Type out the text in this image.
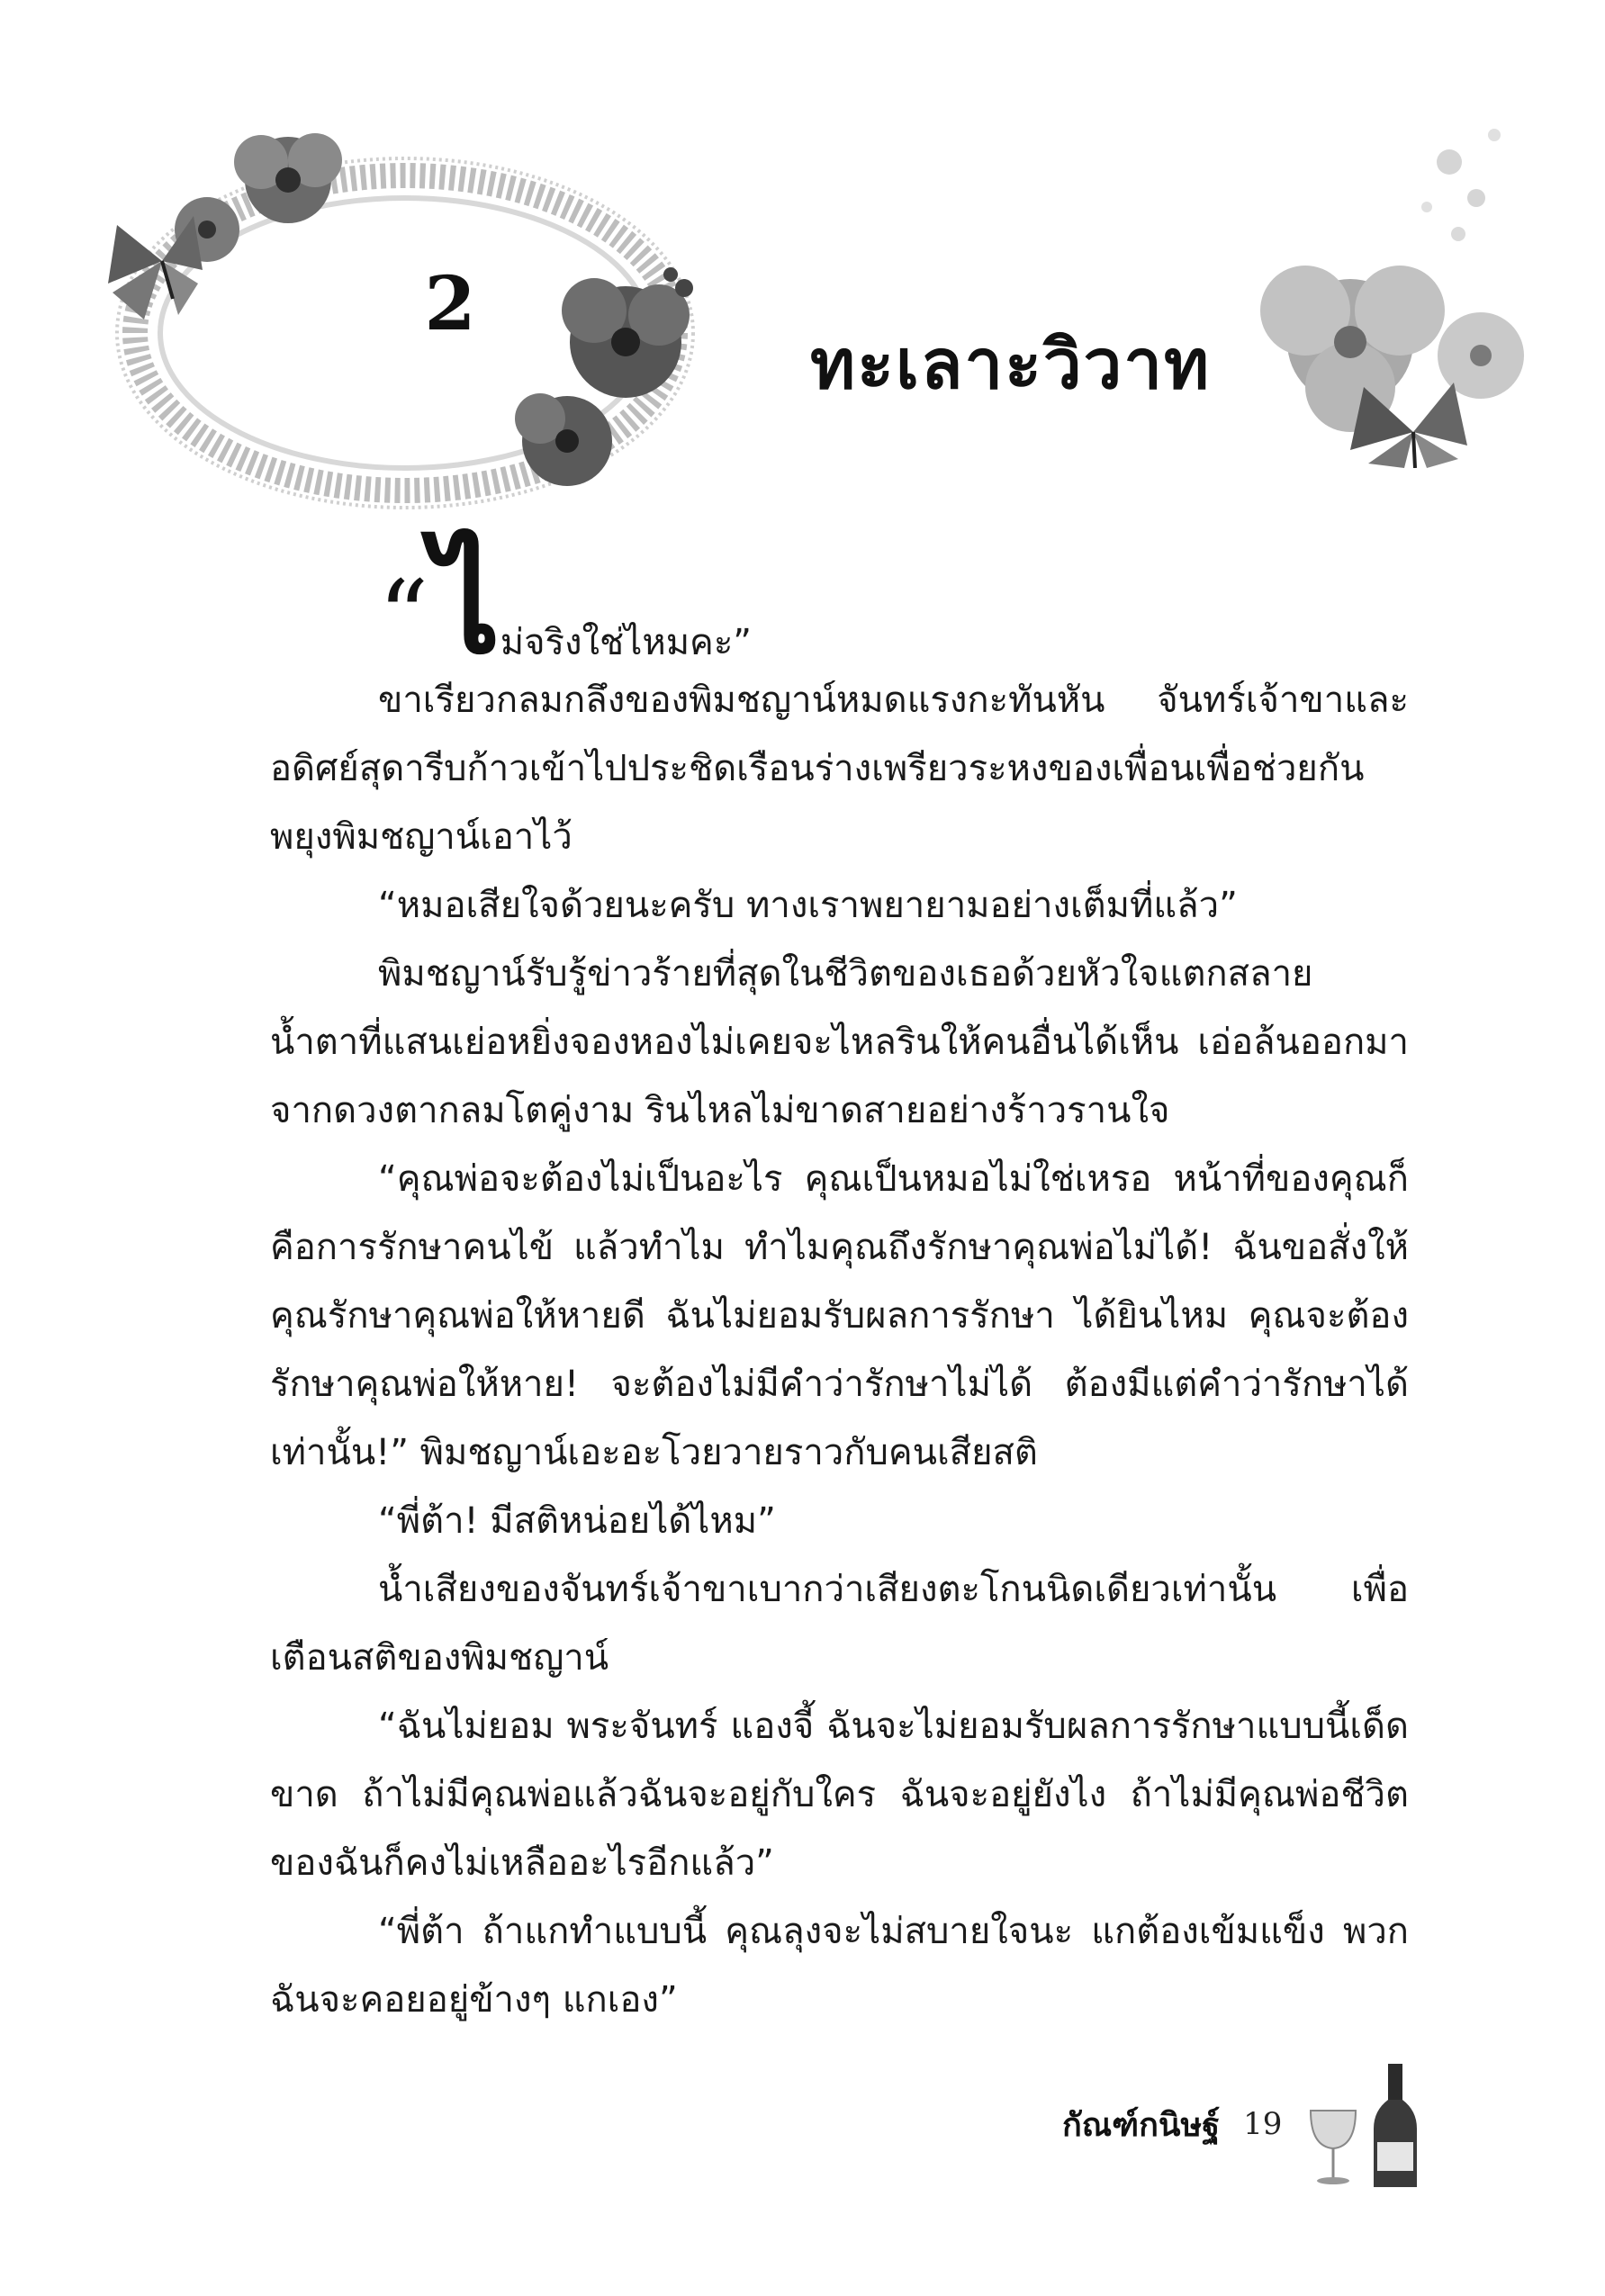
2
ทะเลาะวิวาท
“ ไ ม่จริงใช่ไหมคะ”

ขาเรียวกลมกลึงของพิมชญาน์หมดแรงกะทันหัน จันทร์เจ้าขาและอดิศย์สุดารีบก้าวเข้าไปประชิดเรือนร่างเพรียวระหงของเพื่อนเพื่อช่วยกันพยุงพิมชญาน์เอาไว้

“หมอเสียใจด้วยนะครับ ทางเราพยายามอย่างเต็มที่แล้ว”

พิมชญาน์รับรู้ข่าวร้ายที่สุดในชีวิตของเธอด้วยหัวใจแตกสลาย น้ำตาที่แสนเย่อหยิ่งจองหองไม่เคยจะไหลรินให้คนอื่นได้เห็น เอ่อล้นออกมาจากดวงตากลมโตคู่งาม รินไหลไม่ขาดสายอย่างร้าวรานใจ

“คุณพ่อจะต้องไม่เป็นอะไร คุณเป็นหมอไม่ใช่เหรอ หน้าที่ของคุณก็คือการรักษาคนไข้ แล้วทำไม ทำไมคุณถึงรักษาคุณพ่อไม่ได้! ฉันขอสั่งให้คุณรักษาคุณพ่อให้หายดี ฉันไม่ยอมรับผลการรักษา ได้ยินไหม คุณจะต้องรักษาคุณพ่อให้หาย! จะต้องไม่มีคำว่ารักษาไม่ได้ ต้องมีแต่คำว่ารักษาได้เท่านั้น!” พิมชญาน์เอะอะโวยวายราวกับคนเสียสติ

“พี่ต้า! มีสติหน่อยได้ไหม”

น้ำเสียงของจันทร์เจ้าขาเบากว่าเสียงตะโกนนิดเดียวเท่านั้น เพื่อเตือนสติของพิมชญาน์

“ฉันไม่ยอม พระจันทร์ แองจี้ ฉันจะไม่ยอมรับผลการรักษาแบบนี้เด็ดขาด ถ้าไม่มีคุณพ่อแล้วฉันจะอยู่กับใคร ฉันจะอยู่ยังไง ถ้าไม่มีคุณพ่อชีวิตของฉันก็คงไม่เหลืออะไรอีกแล้ว”

“พี่ต้า ถ้าแกทำแบบนี้ คุณลุงจะไม่สบายใจนะ แกต้องเข้มแข็ง พวกฉันจะคอยอยู่ข้างๆ แกเอง”

กัณฑ์กนิษฐ์ 19
